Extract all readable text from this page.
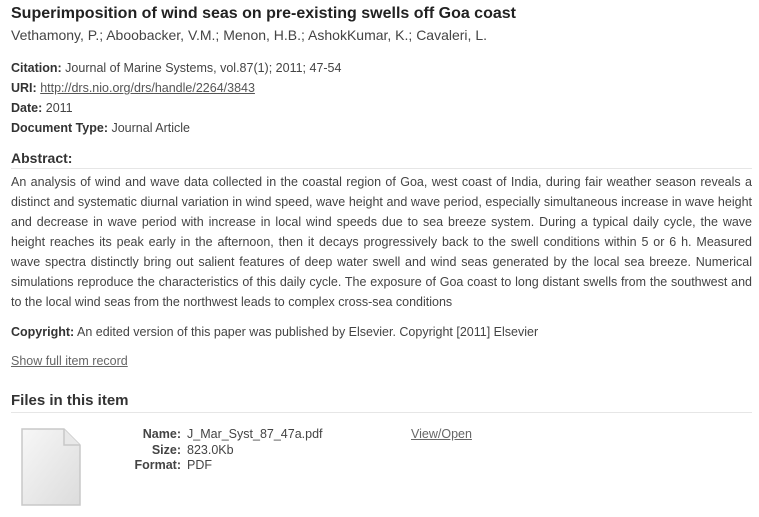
Superimposition of wind seas on pre-existing swells off Goa coast
Vethamony, P.; Aboobacker, V.M.; Menon, H.B.; AshokKumar, K.; Cavaleri, L.
Citation: Journal of Marine Systems, vol.87(1); 2011; 47-54
URI: http://drs.nio.org/drs/handle/2264/3843
Date: 2011
Document Type: Journal Article
Abstract:
An analysis of wind and wave data collected in the coastal region of Goa, west coast of India, during fair weather season reveals a distinct and systematic diurnal variation in wind speed, wave height and wave period, especially simultaneous increase in wave height and decrease in wave period with increase in local wind speeds due to sea breeze system. During a typical daily cycle, the wave height reaches its peak early in the afternoon, then it decays progressively back to the swell conditions within 5 or 6 h. Measured wave spectra distinctly bring out salient features of deep water swell and wind seas generated by the local sea breeze. Numerical simulations reproduce the characteristics of this daily cycle. The exposure of Goa coast to long distant swells from the southwest and to the local wind seas from the northwest leads to complex cross-sea conditions
Copyright: An edited version of this paper was published by Elsevier. Copyright [2011] Elsevier
Show full item record
Files in this item
Name: J_Mar_Syst_87_47a.pdf
Size: 823.0Kb
Format: PDF
View/Open
